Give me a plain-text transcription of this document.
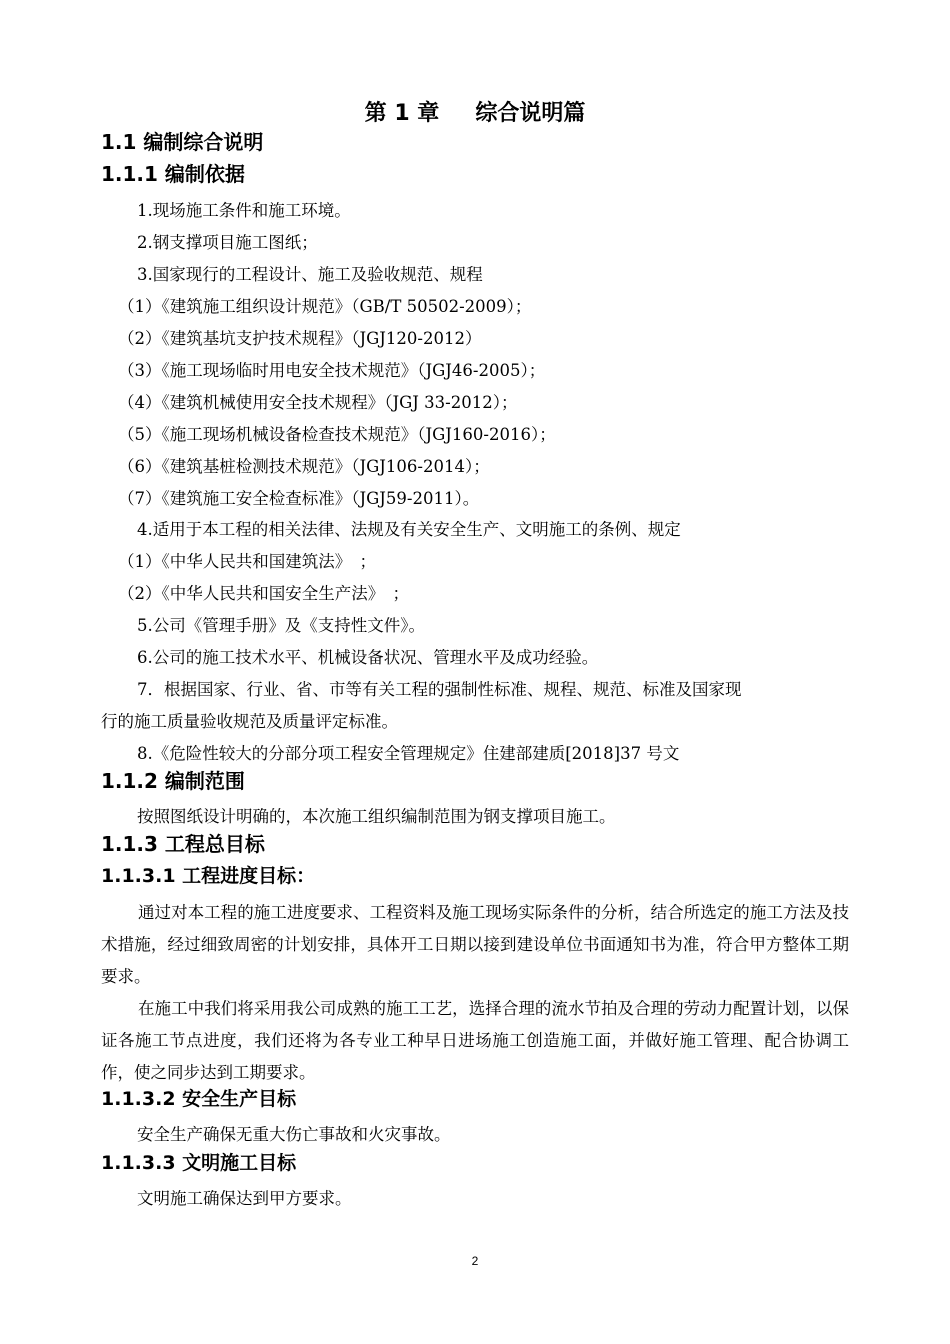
第 1 章 综合说明篇
1.1 编制综合说明
1.1.1 编制依据
1.现场施工条件和施工环境。
2.钢支撑项目施工图纸；
3.国家现行的工程设计、施工及验收规范、规程
（1）《建筑施工组织设计规范》（GB/T 50502-2009）；
（2）《建筑基坑支护技术规程》（JGJ120-2012）
（3）《施工现场临时用电安全技术规范》（JGJ46-2005）；
（4）《建筑机械使用安全技术规程》（JGJ 33-2012）；
（5）《施工现场机械设备检查技术规范》（JGJ160-2016）；
（6）《建筑基桩检测技术规范》（JGJ106-2014）；
（7）《建筑施工安全检查标准》（JGJ59-2011）。
4.适用于本工程的相关法律、法规及有关安全生产、文明施工的条例、规定
（1）《中华人民共和国建筑法》　；
（2）《中华人民共和国安全生产法》　；
5.公司《管理手册》及《支持性文件》。
6.公司的施工技术水平、机械设备状况、管理水平及成功经验。
7．根据国家、行业、省、市等有关工程的强制性标准、规程、规范、标准及国家现
行的施工质量验收规范及质量评定标准。
8.《危险性较大的分部分项工程安全管理规定》住建部建质[2018]37 号文
1.1.2 编制范围
按照图纸设计明确的，本次施工组织编制范围为钢支撑项目施工。
1.1.3 工程总目标
1.1.3.1 工程进度目标：
通过对本工程的施工进度要求、工程资料及施工现场实际条件的分析，结合所选定的施工方法及技术措施，经过细致周密的计划安排，具体开工日期以接到建设单位书面通知书为准，符合甲方整体工期要求。
在施工中我们将采用我公司成熟的施工工艺，选择合理的流水节拍及合理的劳动力配置计划，以保证各施工节点进度，我们还将为各专业工种早日进场施工创造施工面，并做好施工管理、配合协调工作，使之同步达到工期要求。
1.1.3.2 安全生产目标
安全生产确保无重大伤亡事故和火灾事故。
1.1.3.3 文明施工目标
文明施工确保达到甲方要求。
2
